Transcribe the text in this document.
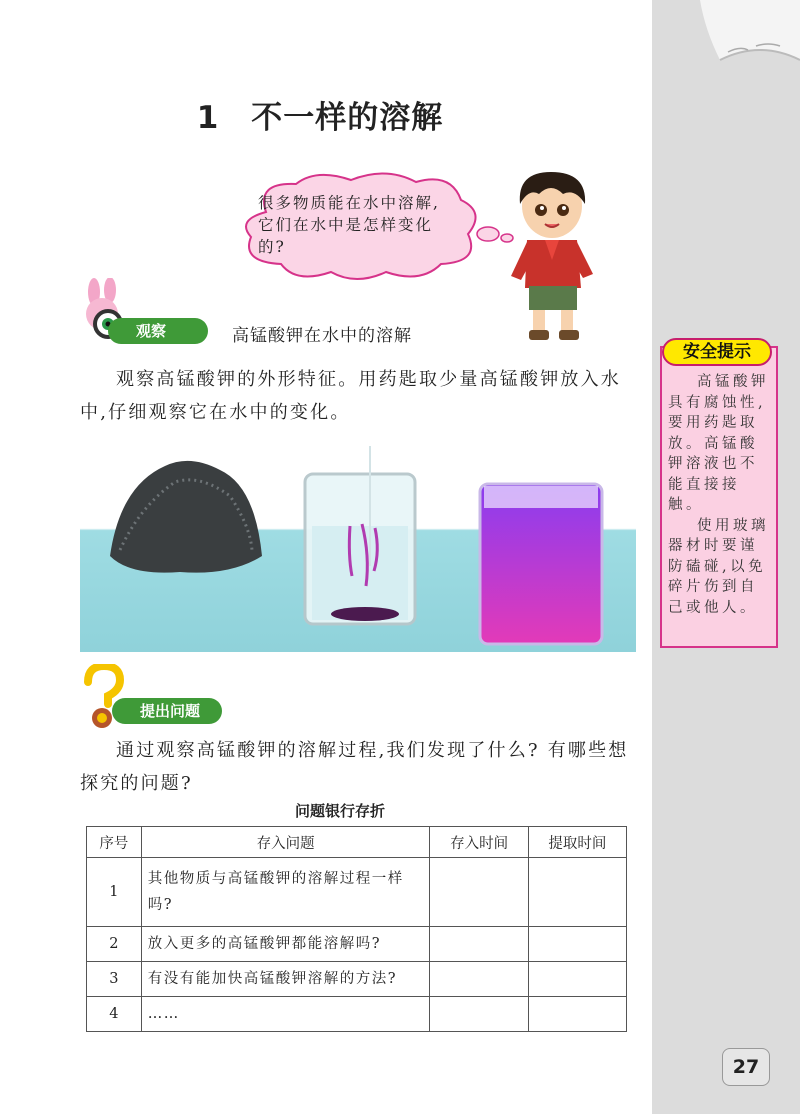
1　不一样的溶解
很多物质能在水中溶解,它们在水中是怎样变化的?
观察	高锰酸钾在水中的溶解
观察高锰酸钾的外形特征。用药匙取少量高锰酸钾放入水中,仔细观察它在水中的变化。
提出问题
通过观察高锰酸钾的溶解过程,我们发现了什么? 有哪些想探究的问题?
问题银行存折
序号	存入问题	存入时间	提取时间
1	其他物质与高锰酸钾的溶解过程一样吗?		
2	放入更多的高锰酸钾都能溶解吗?		
3	有没有能加快高锰酸钾溶解的方法?		
4	……		
安全提示

高锰酸钾具有腐蚀性,要用药匙取放。高锰酸钾溶液也不能直接接触。

使用玻璃器材时要谨防磕碰,以免碎片伤到自己或他人。

27
